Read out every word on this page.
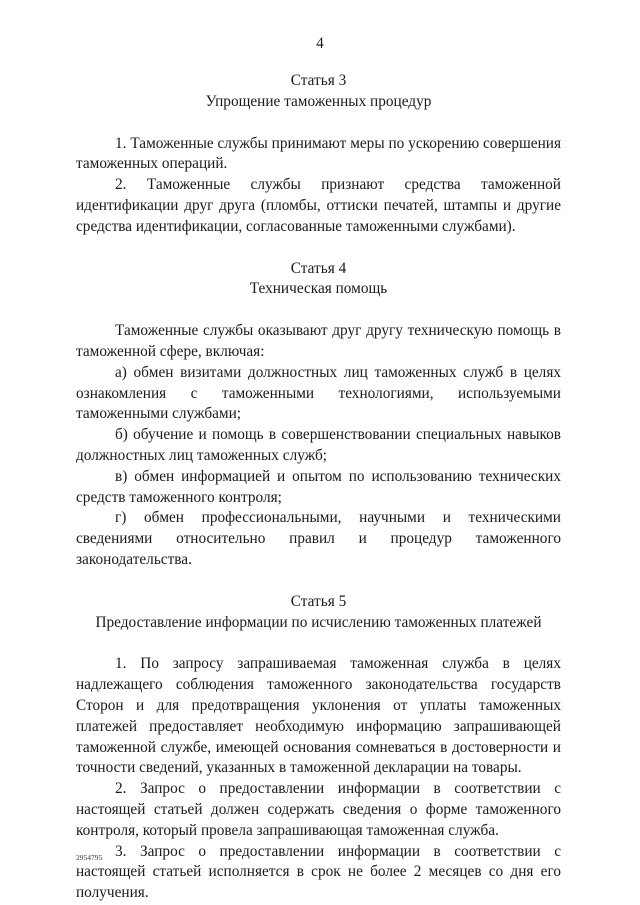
4
Статья 3
Упрощение таможенных процедур

1. Таможенные службы принимают меры по ускорению совершения таможенных операций.

2. Таможенные службы признают средства таможенной идентификации друг друга (пломбы, оттиски печатей, штампы и другие средства идентификации, согласованные таможенными службами).

Статья 4
Техническая помощь

Таможенные службы оказывают друг другу техническую помощь в таможенной сфере, включая:

а) обмен визитами должностных лиц таможенных служб в целях ознакомления с таможенными технологиями, используемыми таможенными службами;

б) обучение и помощь в совершенствовании специальных навыков должностных лиц таможенных служб;

в) обмен информацией и опытом по использованию технических средств таможенного контроля;

г) обмен профессиональными, научными и техническими сведениями относительно правил и процедур таможенного законодательства.

Статья 5
Предоставление информации по исчислению таможенных платежей

1. По запросу запрашиваемая таможенная служба в целях надлежащего соблюдения таможенного законодательства государств Сторон и для предотвращения уклонения от уплаты таможенных платежей предоставляет необходимую информацию запрашивающей таможенной службе, имеющей основания сомневаться в достоверности и точности сведений, указанных в таможенной декларации на товары.

2. Запрос о предоставлении информации в соответствии с настоящей статьей должен содержать сведения о форме таможенного контроля, который провела запрашивающая таможенная служба.

3. Запрос о предоставлении информации в соответствии с настоящей статьей исполняется в срок не более 2 месяцев со дня его получения.

2954795
